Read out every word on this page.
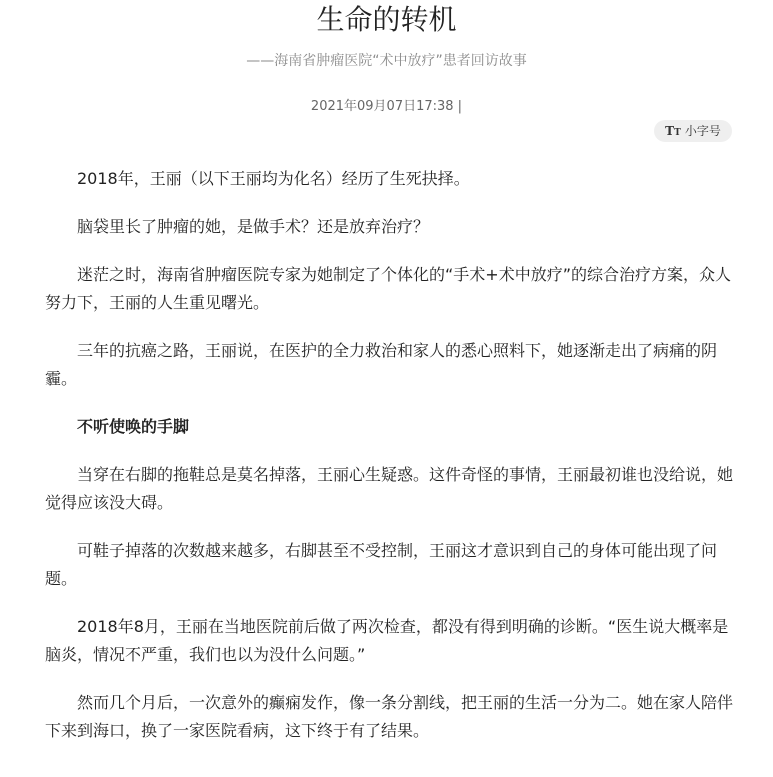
生命的转机
——海南省肿瘤医院“术中放疗”患者回访故事
2021年09月07日17:38 |
TT 小字号

2018年，王丽（以下王丽均为化名）经历了生死抉择。

脑袋里长了肿瘤的她，是做手术？还是放弃治疗？

迷茫之时，海南省肿瘤医院专家为她制定了个体化的“手术+术中放疗”的综合治疗方案，众人努力下，王丽的人生重见曙光。

三年的抗癌之路，王丽说，在医护的全力救治和家人的悉心照料下，她逐渐走出了病痛的阴霾。

不听使唤的手脚

当穿在右脚的拖鞋总是莫名掉落，王丽心生疑惑。这件奇怪的事情，王丽最初谁也没给说，她觉得应该没大碍。

可鞋子掉落的次数越来越多，右脚甚至不受控制，王丽这才意识到自己的身体可能出现了问题。

2018年8月，王丽在当地医院前后做了两次检查，都没有得到明确的诊断。“医生说大概率是脑炎，情况不严重，我们也以为没什么问题。”

然而几个月后，一次意外的癫痫发作，像一条分割线，把王丽的生活一分为二。她在家人陪伴下来到海口，换了一家医院看病，这下终于有了结果。
